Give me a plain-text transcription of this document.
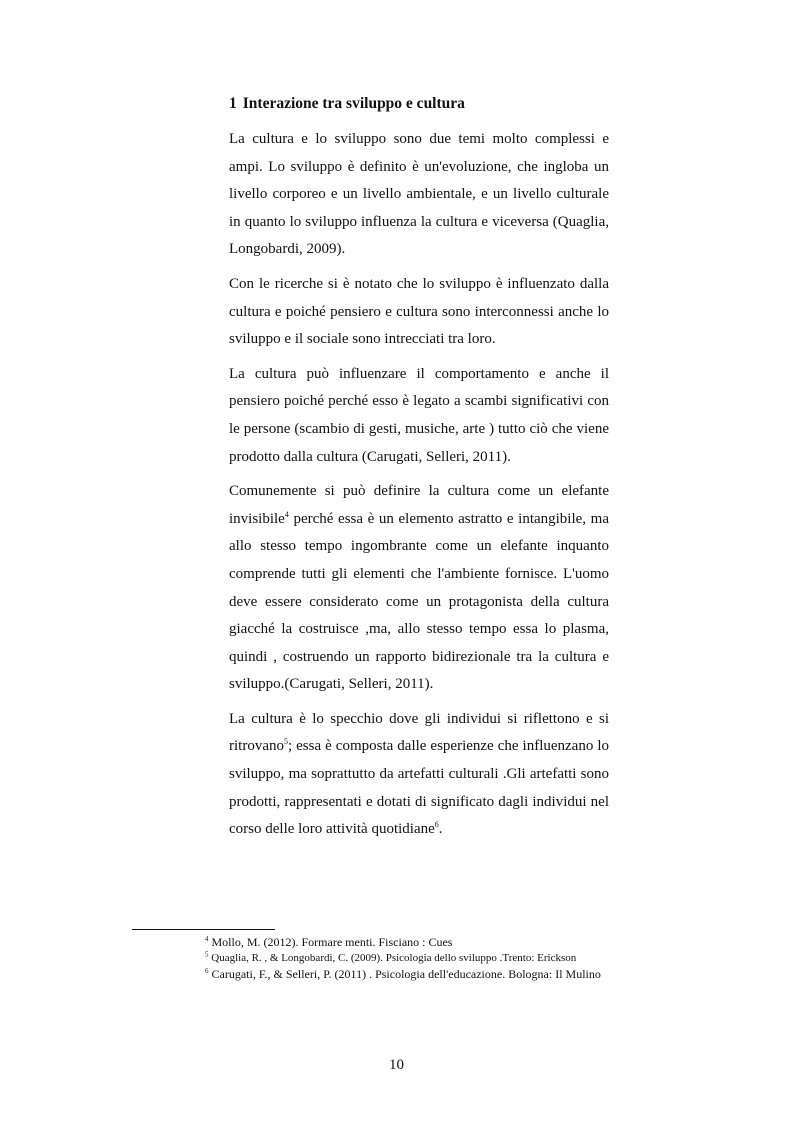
1 Interazione tra sviluppo e cultura

La cultura e lo sviluppo sono due temi molto complessi e ampi. Lo sviluppo è definito è un'evoluzione, che ingloba un livello corporeo e un livello ambientale, e un livello culturale in quanto lo sviluppo influenza la cultura e viceversa (Quaglia, Longobardi, 2009).

Con le ricerche si è notato che lo sviluppo è influenzato dalla cultura e poiché pensiero e cultura sono interconnessi anche lo sviluppo e il sociale sono intrecciati tra loro.

La cultura può influenzare il comportamento e anche il pensiero poiché perché esso è legato a scambi significativi con le persone (scambio di gesti, musiche, arte ) tutto ciò che viene prodotto dalla cultura (Carugati, Selleri, 2011).

Comunemente si può definire la cultura come un elefante invisibile$^4$ perché essa è un elemento astratto e intangibile, ma allo stesso tempo ingombrante come un elefante inquanto comprende tutti gli elementi che l'ambiente fornisce. L'uomo deve essere considerato come un protagonista della cultura giacché la costruisce ,ma, allo stesso tempo essa lo plasma, quindi , costruendo un rapporto bidirezionale tra la cultura e sviluppo.(Carugati, Selleri, 2011).

La cultura è lo specchio dove gli individui si riflettono e si ritrovano$^5$; essa è composta dalle esperienze che influenzano lo sviluppo, ma soprattutto da artefatti culturali .Gli artefatti sono prodotti, rappresentati e dotati di significato dagli individui nel corso delle loro attività quotidiane$^6$.

$^4$ Mollo, M. (2012). Formare menti. Fisciano : Cues

$^5$ Quaglia, R. , & Longobardi, C. (2009). Psicologia dello sviluppo .Trento: Erickson

$^6$ Carugati, F., & Selleri, P. (2011) . Psicologia dell'educazione. Bologna: Il Mulino

10
